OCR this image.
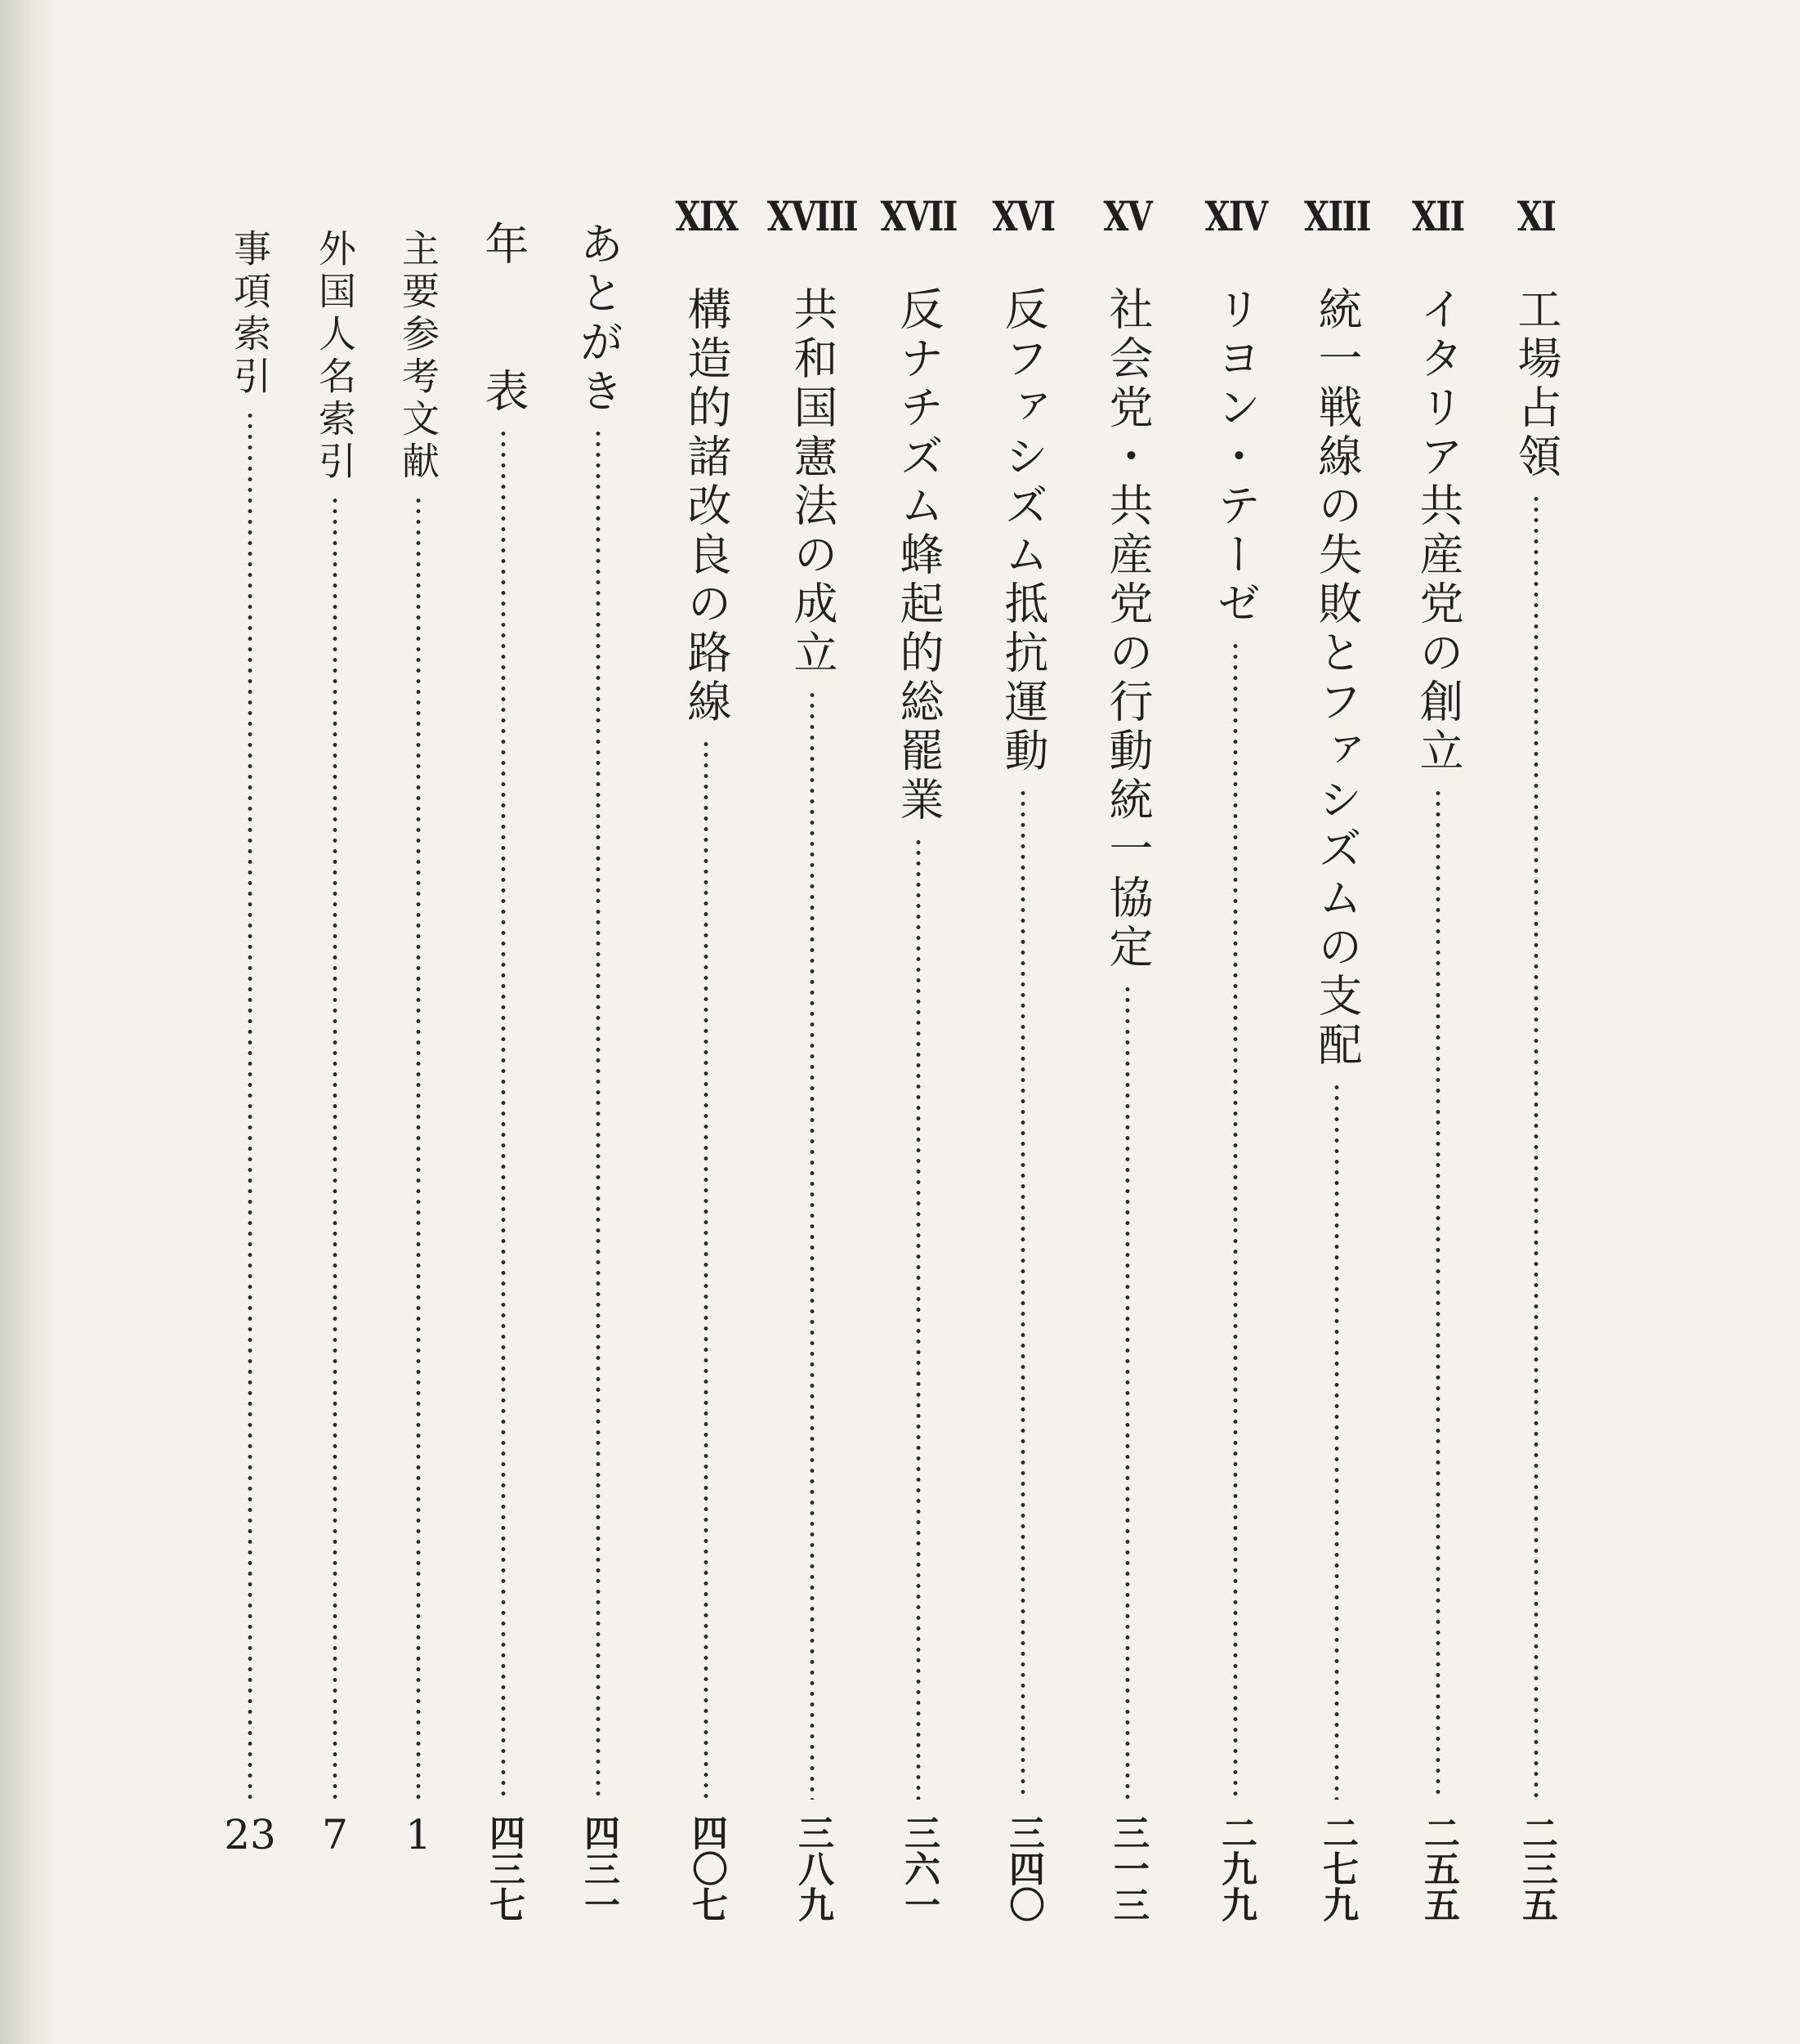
XI
工場占領
二三五
XII
イタリア共産党の創立
二五五
XIII
統一戦線の失敗とファシズムの支配
二七九
XIV
リヨン・テーゼ
二九九
XV
社会党・共産党の行動統一協定
三一三
XVI
反ファシズム抵抗運動
三四〇
XVII
反ナチズム蜂起的総罷業
三六一
XVIII
共和国憲法の成立
三八九
XIX
構造的諸改良の路線
四〇七
あとがき
四三一
年　　表
四三七
主要参考文献
1
外国人名索引
7
事項索引
23
